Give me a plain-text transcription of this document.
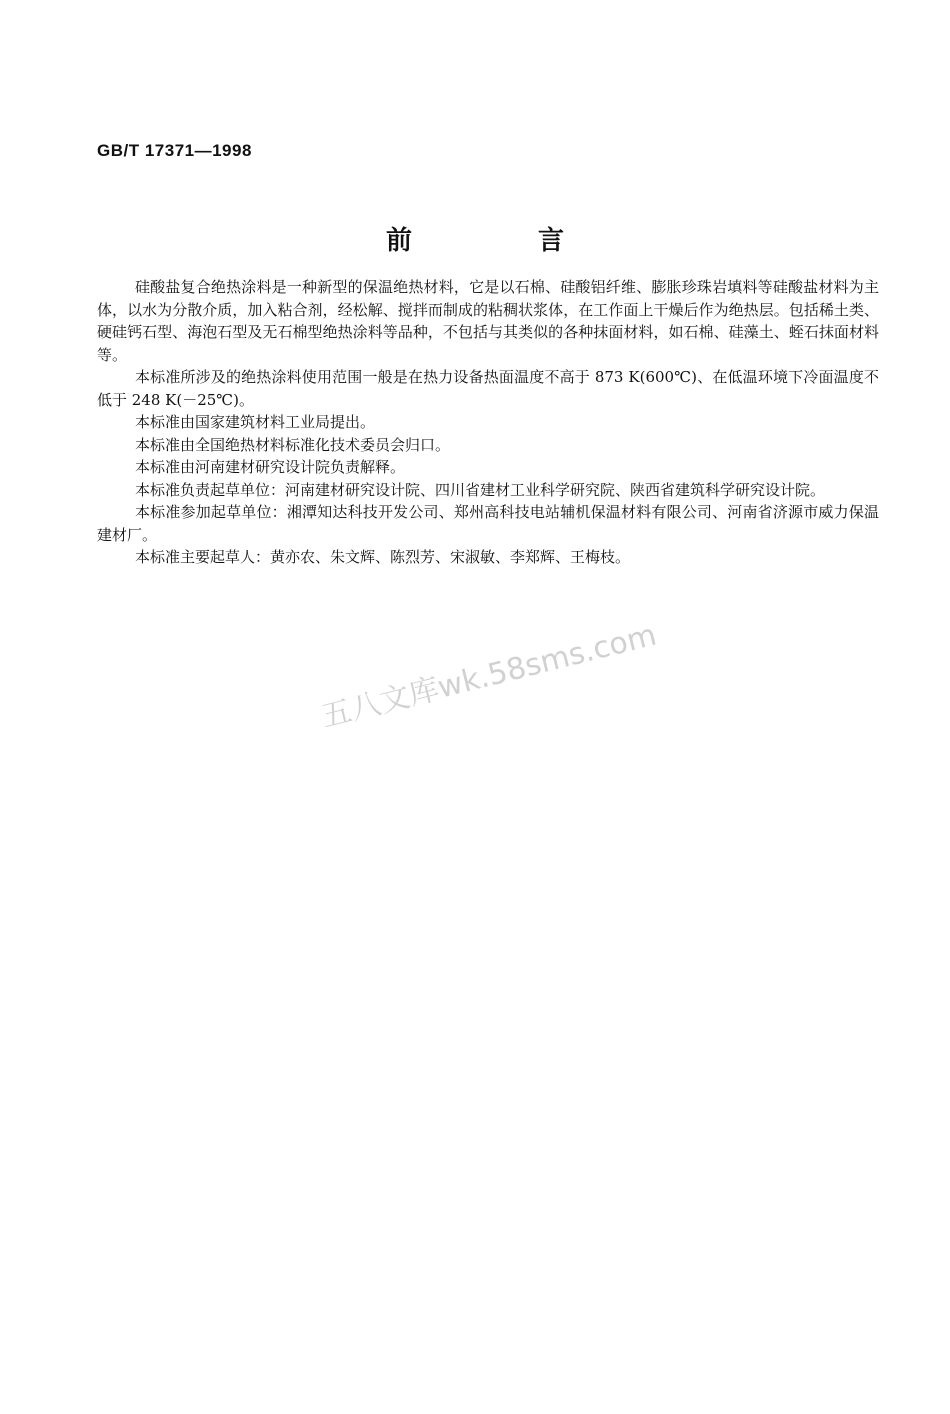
GB/T 17371—1998
前　言

硅酸盐复合绝热涂料是一种新型的保温绝热材料，它是以石棉、硅酸铝纤维、膨胀珍珠岩填料等硅酸盐材料为主体，以水为分散介质，加入粘合剂，经松解、搅拌而制成的粘稠状浆体，在工作面上干燥后作为绝热层。包括稀土类、硬硅钙石型、海泡石型及无石棉型绝热涂料等品种，不包括与其类似的各种抹面材料，如石棉、硅藻土、蛭石抹面材料等。

本标准所涉及的绝热涂料使用范围一般是在热力设备热面温度不高于 873 K(600℃)、在低温环境下冷面温度不低于 248 K(－25℃)。

本标准由国家建筑材料工业局提出。

本标准由全国绝热材料标准化技术委员会归口。

本标准由河南建材研究设计院负责解释。

本标准负责起草单位：河南建材研究设计院、四川省建材工业科学研究院、陕西省建筑科学研究设计院。

本标准参加起草单位：湘潭知达科技开发公司、郑州高科技电站辅机保温材料有限公司、河南省济源市威力保温建材厂。

本标准主要起草人：黄亦农、朱文辉、陈烈芳、宋淑敏、李郑辉、王梅枝。

五八文库wk.58sms.com
